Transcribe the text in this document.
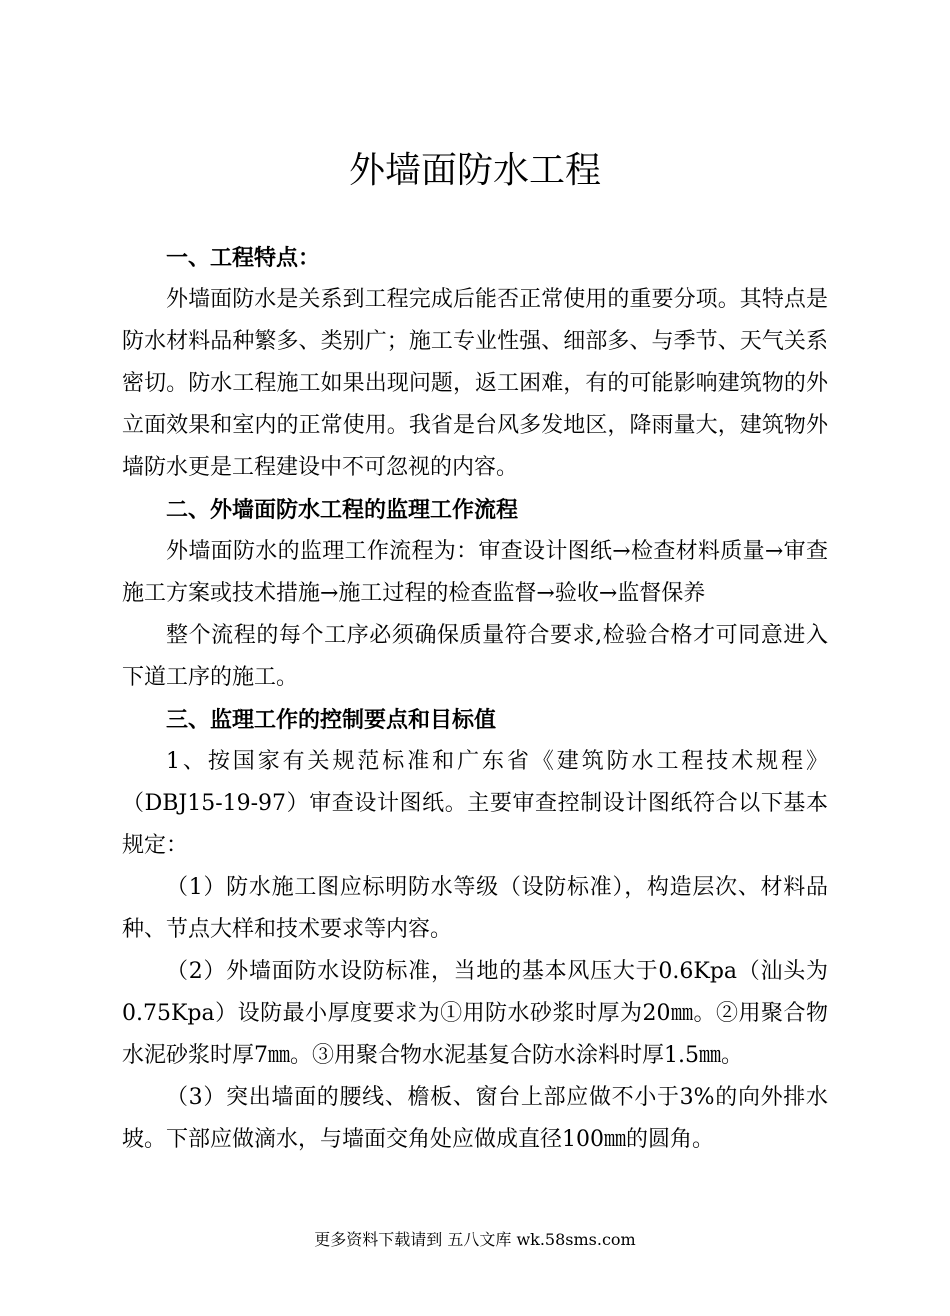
外墙面防水工程

一、工程特点：

外墙面防水是关系到工程完成后能否正常使用的重要分项。其特点是防水材料品种繁多、类别广；施工专业性强、细部多、与季节、天气关系密切。防水工程施工如果出现问题，返工困难，有的可能影响建筑物的外立面效果和室内的正常使用。我省是台风多发地区，降雨量大，建筑物外墙防水更是工程建设中不可忽视的内容。

二、外墙面防水工程的监理工作流程

外墙面防水的监理工作流程为：审查设计图纸→检查材料质量→审查施工方案或技术措施→施工过程的检查监督→验收→监督保养

整个流程的每个工序必须确保质量符合要求,检验合格才可同意进入下道工序的施工。

三、监理工作的控制要点和目标值

1、按国家有关规范标准和广东省《建筑防水工程技术规程》（DBJ15-19-97）审查设计图纸。主要审查控制设计图纸符合以下基本规定：

（1）防水施工图应标明防水等级（设防标准），构造层次、材料品种、节点大样和技术要求等内容。

（2）外墙面防水设防标准，当地的基本风压大于0.6Kpa（汕头为0.75Kpa）设防最小厚度要求为①用防水砂浆时厚为20㎜。②用聚合物水泥砂浆时厚7㎜。③用聚合物水泥基复合防水涂料时厚1.5㎜。

（3）突出墙面的腰线、檐板、窗台上部应做不小于3%的向外排水坡。下部应做滴水，与墙面交角处应做成直径100㎜的圆角。

更多资料下载请到 五八文库 wk.58sms.com
